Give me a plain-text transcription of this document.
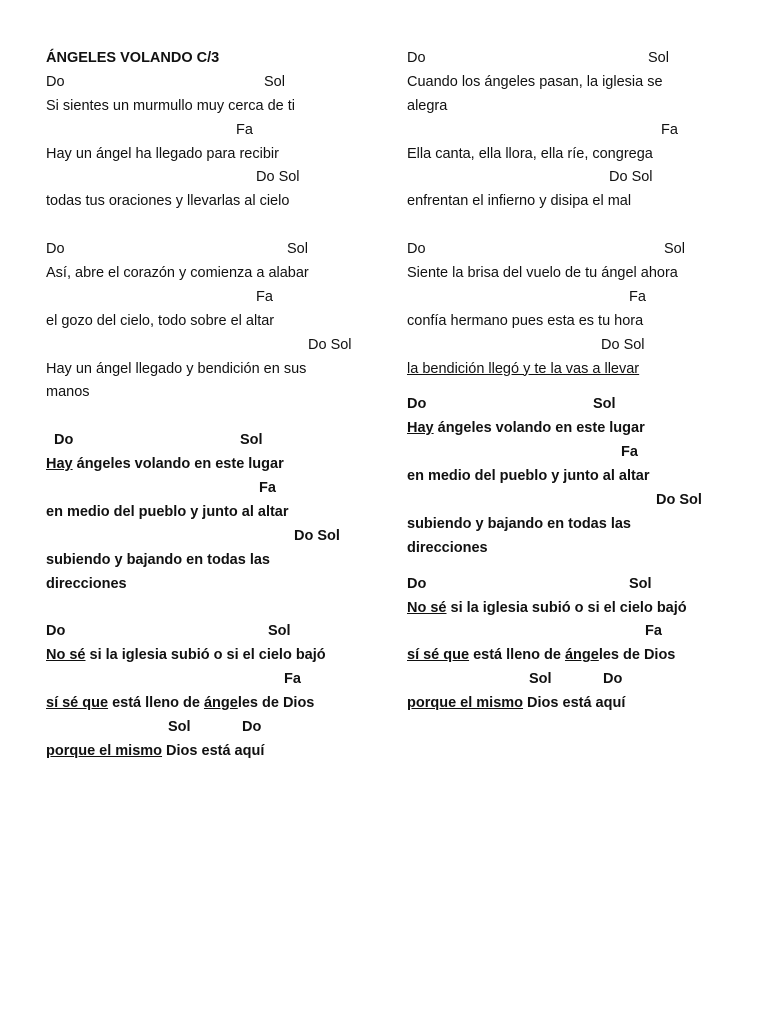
ÁNGELES VOLANDO C/3
Do	Sol
Si sientes un murmullo muy cerca de ti
Fa
Hay un ángel ha llegado para recibir
Do Sol
todas tus oraciones y llevarlas al cielo
Do	Sol
Así, abre el corazón y comienza a alabar
Fa
el gozo del cielo, todo sobre el altar
Do Sol
Hay un ángel llegado y bendición en sus
manos
Do	Sol
Hay ángeles volando en este lugar
Fa
en medio del pueblo y junto al altar
Do Sol
subiendo y bajando en todas las
direcciones
Do	Sol
No sé si la iglesia subió o si el cielo bajó
Fa
sí sé que está lleno de ángeles de Dios
Sol	Do
porque el mismo Dios está aquí
Do	Sol
Cuando los ángeles pasan, la iglesia se
alegra
Fa
Ella canta, ella llora, ella ríe, congrega
Do Sol
enfrentan el infierno y disipa el mal
Do	Sol
Siente la brisa del vuelo de tu ángel ahora
Fa
confía hermano pues esta es tu hora
Do Sol
la bendición llegó y te la vas a llevar
Do	Sol
Hay ángeles volando en este lugar
Fa
en medio del pueblo y junto al altar
Do Sol
subiendo y bajando en todas las
direcciones
Do	Sol
No sé si la iglesia subió o si el cielo bajó
Fa
sí sé que está lleno de ángeles de Dios
Sol	Do
porque el mismo Dios está aquí
